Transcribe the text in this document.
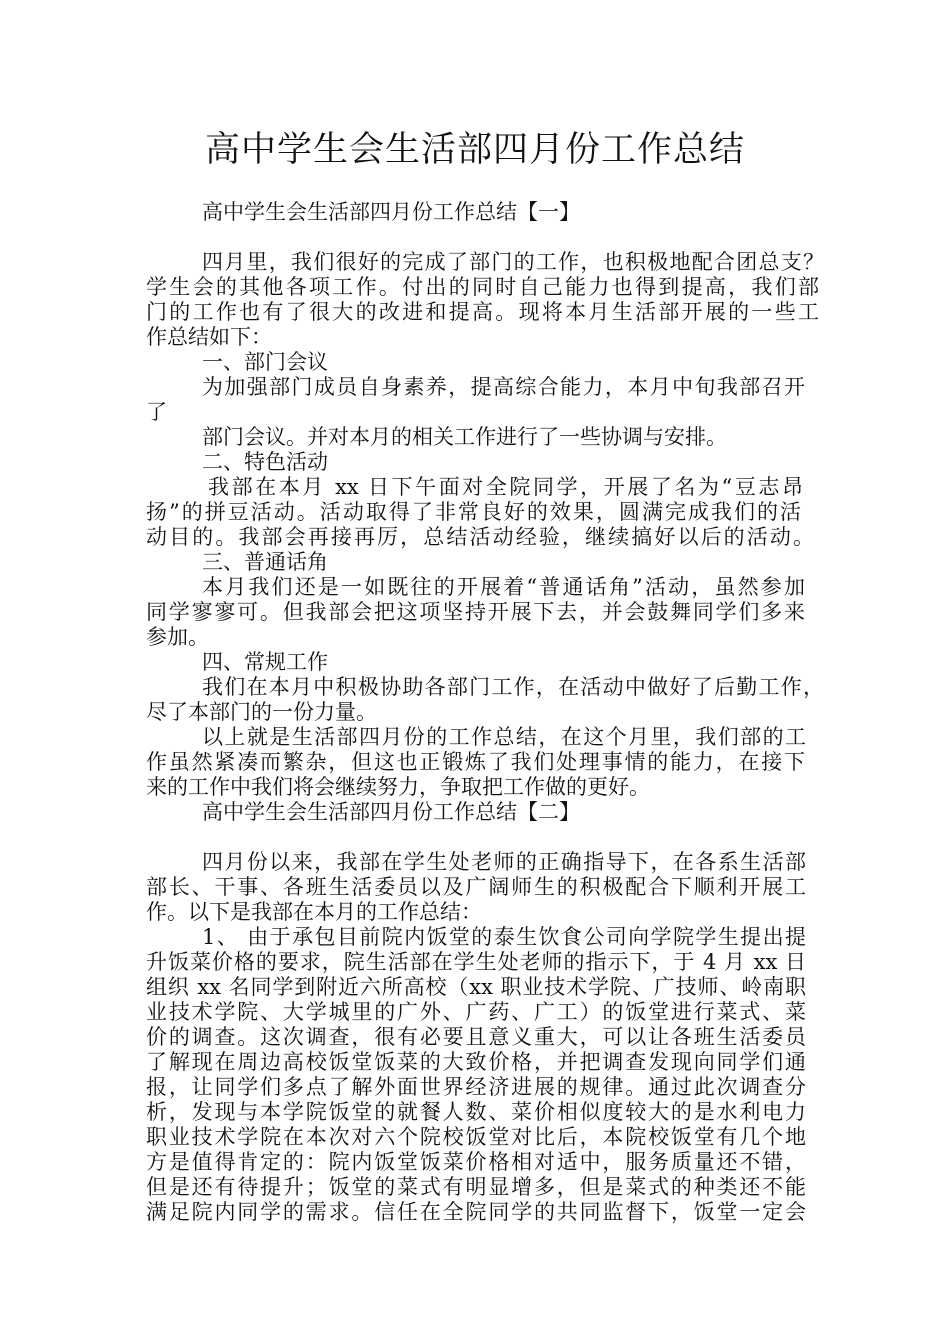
高中学生会生活部四月份工作总结

高中学生会生活部四月份工作总结【一】

四月里，我们很好的完成了部门的工作，也积极地配合团总支？

学生会的其他各项工作。付出的同时自己能力也得到提高，我们部

门的工作也有了很大的改进和提高。现将本月生活部开展的一些工

作总结如下：

一、部门会议

为加强部门成员自身素养，提高综合能力，本月中旬我部召开

了

部门会议。并对本月的相关工作进行了一些协调与安排。

二、特色活动

我部在本月 xx 日下午面对全院同学，开展了名为“豆志昂

扬”的拼豆活动。活动取得了非常良好的效果，圆满完成我们的活

动目的。我部会再接再厉，总结活动经验，继续搞好以后的活动。

三、普通话角

本月我们还是一如既往的开展着“普通话角”活动，虽然参加

同学寥寥可。但我部会把这项坚持开展下去，并会鼓舞同学们多来

参加。

四、常规工作

我们在本月中积极协助各部门工作，在活动中做好了后勤工作，

尽了本部门的一份力量。

以上就是生活部四月份的工作总结，在这个月里，我们部的工

作虽然紧凑而繁杂，但这也正锻炼了我们处理事情的能力，在接下

来的工作中我们将会继续努力，争取把工作做的更好。

高中学生会生活部四月份工作总结【二】

四月份以来，我部在学生处老师的正确指导下，在各系生活部

部长、干事、各班生活委员以及广阔师生的积极配合下顺利开展工

作。以下是我部在本月的工作总结：

1、 由于承包目前院内饭堂的泰生饮食公司向学院学生提出提

升饭菜价格的要求，院生活部在学生处老师的指示下，于 4 月 xx 日

组织 xx 名同学到附近六所高校（xx 职业技术学院、广技师、岭南职

业技术学院、大学城里的广外、广药、广工）的饭堂进行菜式、菜

价的调查。这次调查，很有必要且意义重大，可以让各班生活委员

了解现在周边高校饭堂饭菜的大致价格，并把调查发现向同学们通

报，让同学们多点了解外面世界经济进展的规律。通过此次调查分

析，发现与本学院饭堂的就餐人数、菜价相似度较大的是水利电力

职业技术学院在本次对六个院校饭堂对比后，本院校饭堂有几个地

方是值得肯定的：院内饭堂饭菜价格相对适中，服务质量还不错，

但是还有待提升；饭堂的菜式有明显增多，但是菜式的种类还不能

满足院内同学的需求。信任在全院同学的共同监督下，饭堂一定会
